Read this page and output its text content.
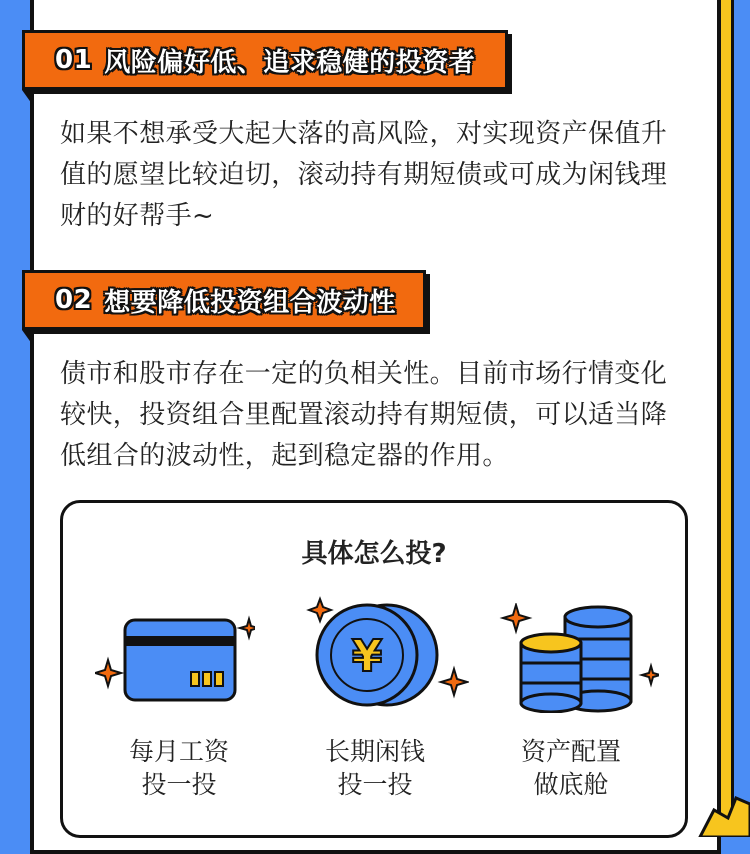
01 风险偏好低、追求稳健的投资者
如果不想承受大起大落的高风险，对实现资产保值升值的愿望比较迫切，滚动持有期短债或可成为闲钱理财的好帮手~
02 想要降低投资组合波动性
债市和股市存在一定的负相关性。目前市场行情变化较快，投资组合里配置滚动持有期短债，可以适当降低组合的波动性，起到稳定器的作用。
具体怎么投?
¥
每月工资
投一投
长期闲钱
投一投
资产配置
做底舱
